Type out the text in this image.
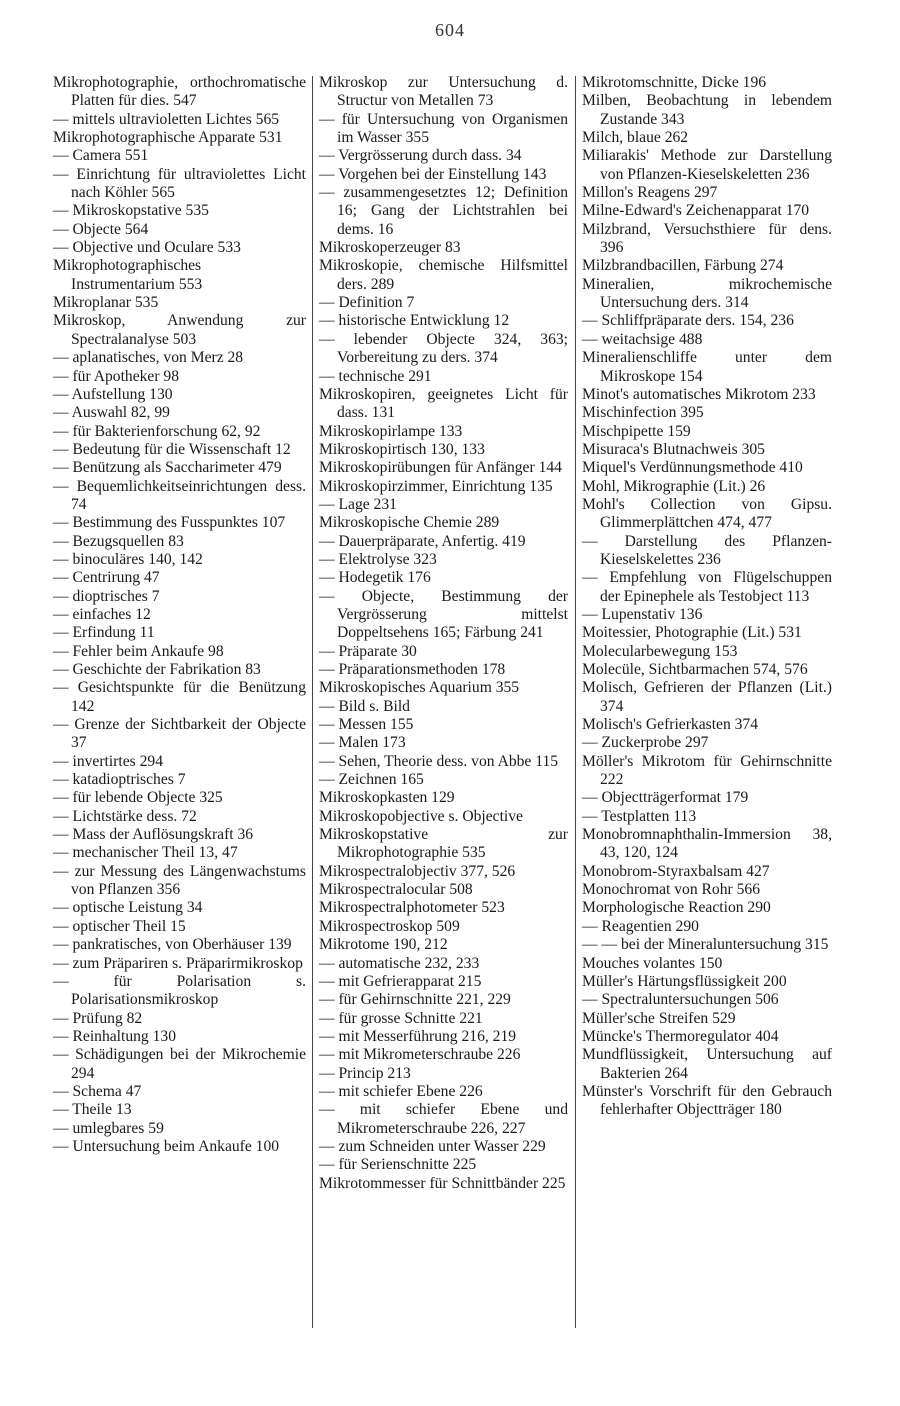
604

Mikrophotographie, orthochromatische Platten für dies. 547

— mittels ultravioletten Lichtes 565

Mikrophotographische Apparate 531

— Camera 551

— Einrichtung für ultraviolettes Licht nach Köhler 565

— Mikroskopstative 535

— Objecte 564

— Objective und Oculare 533

Mikrophotographisches Instrumentarium 553

Mikroplanar 535

Mikroskop, Anwendung zur Spectralanalyse 503

— aplanatisches, von Merz 28

— für Apotheker 98

— Aufstellung 130

— Auswahl 82, 99

— für Bakterienforschung 62, 92

— Bedeutung für die Wissenschaft 12

— Benützung als Saccharimeter 479

— Bequemlichkeitseinrichtungen dess. 74

— Bestimmung des Fusspunktes 107

— Bezugsquellen 83

— binoculäres 140, 142

— Centrirung 47

— dioptrisches 7

— einfaches 12

— Erfindung 11

— Fehler beim Ankaufe 98

— Geschichte der Fabrikation 83

— Gesichtspunkte für die Benützung 142

— Grenze der Sichtbarkeit der Objecte 37

— invertirtes 294

— katadioptrisches 7

— für lebende Objecte 325

— Lichtstärke dess. 72

— Mass der Auflösungskraft 36

— mechanischer Theil 13, 47

— zur Messung des Längenwachstums von Pflanzen 356

— optische Leistung 34

— optischer Theil 15

— pankratisches, von Oberhäuser 139

— zum Präpariren s. Präparirmikroskop

— für Polarisation s. Polarisationsmikroskop

— Prüfung 82

— Reinhaltung 130

— Schädigungen bei der Mikrochemie 294

— Schema 47

— Theile 13

— umlegbares 59

— Untersuchung beim Ankaufe 100

Mikroskop zur Untersuchung d. Structur von Metallen 73

— für Untersuchung von Organismen im Wasser 355

— Vergrösserung durch dass. 34

— Vorgehen bei der Einstellung 143

— zusammengesetztes 12; Definition 16; Gang der Lichtstrahlen bei dems. 16

Mikroskoperzeuger 83

Mikroskopie, chemische Hilfsmittel ders. 289

— Definition 7

— historische Entwicklung 12

— lebender Objecte 324, 363; Vorbereitung zu ders. 374

— technische 291

Mikroskopiren, geeignetes Licht für dass. 131

Mikroskopirlampe 133

Mikroskopirtisch 130, 133

Mikroskopirübungen für Anfänger 144

Mikroskopirzimmer, Einrichtung 135

— Lage 231

Mikroskopische Chemie 289

— Dauerpräparate, Anfertig. 419

— Elektrolyse 323

— Hodegetik 176

— Objecte, Bestimmung der Vergrösserung mittelst Doppeltsehens 165; Färbung 241

— Präparate 30

— Präparationsmethoden 178

Mikroskopisches Aquarium 355

— Bild s. Bild

— Messen 155

— Malen 173

— Sehen, Theorie dess. von Abbe 115

— Zeichnen 165

Mikroskopkasten 129

Mikroskopobjective s. Objective

Mikroskopstative zur Mikrophotographie 535

Mikrospectralobjectiv 377, 526

Mikrospectralocular 508

Mikrospectralphotometer 523

Mikrospectroskop 509

Mikrotome 190, 212

— automatische 232, 233

— mit Gefrierapparat 215

— für Gehirnschnitte 221, 229

— für grosse Schnitte 221

— mit Messerführung 216, 219

— mit Mikrometerschraube 226

— Princip 213

— mit schiefer Ebene 226

— mit schiefer Ebene und Mikrometerschraube 226, 227

— zum Schneiden unter Wasser 229

— für Serienschnitte 225

Mikrotommesser für Schnittbänder 225

Mikrotomschnitte, Dicke 196

Milben, Beobachtung in lebendem Zustande 343

Milch, blaue 262

Miliarakis' Methode zur Darstellung von Pflanzen-Kieselskeletten 236

Millon's Reagens 297

Milne-Edward's Zeichenapparat 170

Milzbrand, Versuchsthiere für dens. 396

Milzbrandbacillen, Färbung 274

Mineralien, mikrochemische Untersuchung ders. 314

— Schliffpräparate ders. 154, 236

— weitachsige 488

Mineralienschliffe unter dem Mikroskope 154

Minot's automatisches Mikrotom 233

Mischinfection 395

Mischpipette 159

Misuraca's Blutnachweis 305

Miquel's Verdünnungsmethode 410

Mohl, Mikrographie (Lit.) 26

Mohl's Collection von Gipsu. Glimmerplättchen 474, 477

— Darstellung des Pflanzen-Kieselskelettes 236

— Empfehlung von Flügelschuppen der Epinephele als Testobject 113

— Lupenstativ 136

Moitessier, Photographie (Lit.) 531

Molecularbewegung 153

Molecüle, Sichtbarmachen 574, 576

Molisch, Gefrieren der Pflanzen (Lit.) 374

Molisch's Gefrierkasten 374

— Zuckerprobe 297

Möller's Mikrotom für Gehirnschnitte 222

— Objectträgerformat 179

— Testplatten 113

Monobromnaphthalin-Immersion 38, 43, 120, 124

Monobrom-Styraxbalsam 427

Monochromat von Rohr 566

Morphologische Reaction 290

— Reagentien 290

— — bei der Mineraluntersuchung 315

Mouches volantes 150

Müller's Härtungsflüssigkeit 200

— Spectraluntersuchungen 506

Müller'sche Streifen 529

Müncke's Thermoregulator 404

Mundflüssigkeit, Untersuchung auf Bakterien 264

Münster's Vorschrift für den Gebrauch fehlerhafter Objectträger 180
